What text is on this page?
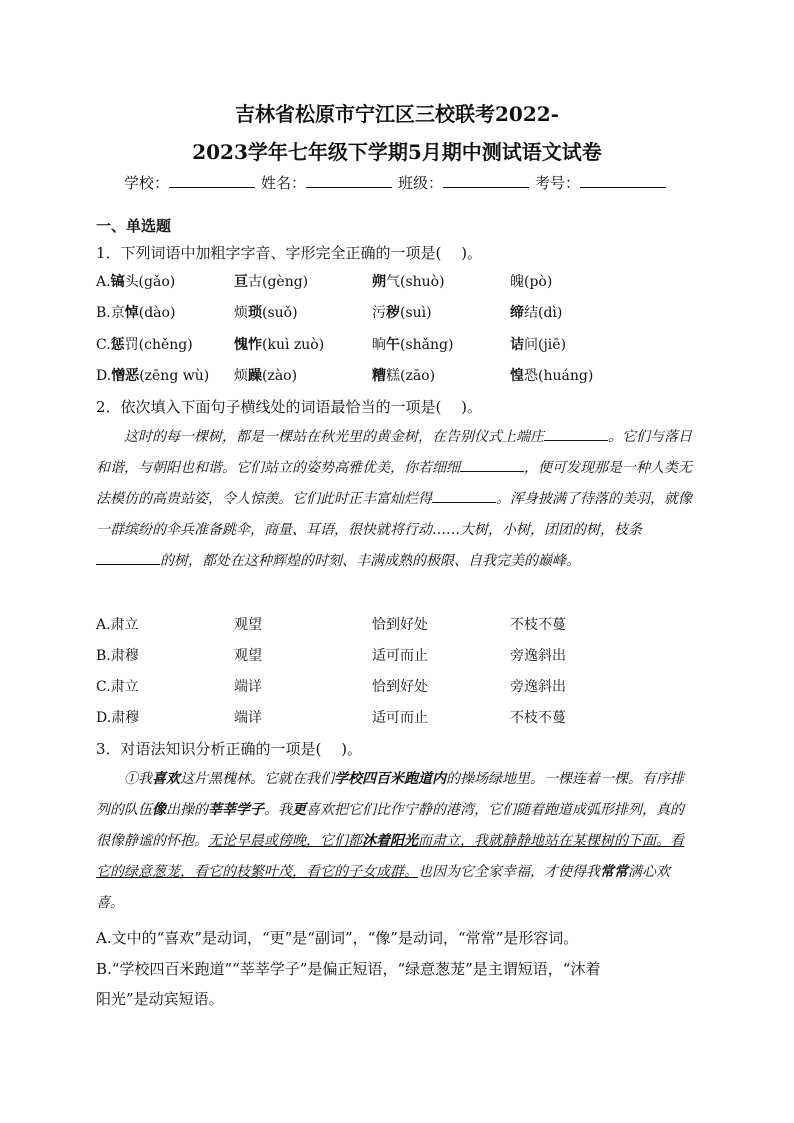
吉林省松原市宁江区三校联考2022-
2023学年七年级下学期5月期中测试语文试卷
学校：	姓名：	班级：	考号：
一、单选题
1．下列词语中加粗字字音、字形完全正确的一项是(　 )。
A.镐头(gǎo)	亘古(gèng)	朔气(shuò)	魄(pò)
B.京悼(dào)	烦琐(suǒ)	污秽(suì)	缔结(dì)
C.惩罚(chěng)	愧怍(kuì zuò)	晌午(shǎng)	诘问(jiē)
D.憎恶(zēng wù) 烦躁(zào)	糟糕(zāo)	惶恐(huáng)
2．依次填入下面句子横线处的词语最恰当的一项是(　 )。

这时的每一棵树，都是一棵站在秋光里的黄金树，在告别仪式上端庄	。它们与落日和谐，与朝阳也和谐。它们站立的姿势高雅优美，你若细细	，便可发现那是一种人类无法模仿的高贵站姿，令人惊羡。它们此时正丰富灿烂得	。浑身披满了待落的美羽，就像一群缤纷的伞兵准备跳伞，商量、耳语，很快就将行动……大树，小树，团团的树，枝条的树，都处在这种辉煌的时刻、丰满成熟的极限、自我完美的巅峰。

A.肃立	观望	恰到好处	不枝不蔓
B.肃穆	观望	适可而止	旁逸斜出
C.肃立	端详	恰到好处	旁逸斜出
D.肃穆	端详	适可而止	不枝不蔓
3．对语法知识分析正确的一项是(　 )。

①我喜欢这片黑槐林。它就在我们学校四百米跑道内的操场绿地里。一棵连着一棵。有序排列的队伍像出操的莘莘学子。我更喜欢把它们比作宁静的港湾，它们随着跑道成弧形排列，真的很像静谧的怀抱。无论早晨或傍晚，它们都沐着阳光而肃立，我就静静地站在某棵树的下面。看它的绿意葱茏，看它的枝繁叶茂，看它的子女成群。也因为它全家幸福，才使得我常常满心欢喜。

A.文中的“喜欢”是动词，“更”是“副词”，“像”是动词，“常常”是形容词。
B.“学校四百米跑道”“莘莘学子”是偏正短语，“绿意葱茏”是主谓短语，“沐着
阳光”是动宾短语。
